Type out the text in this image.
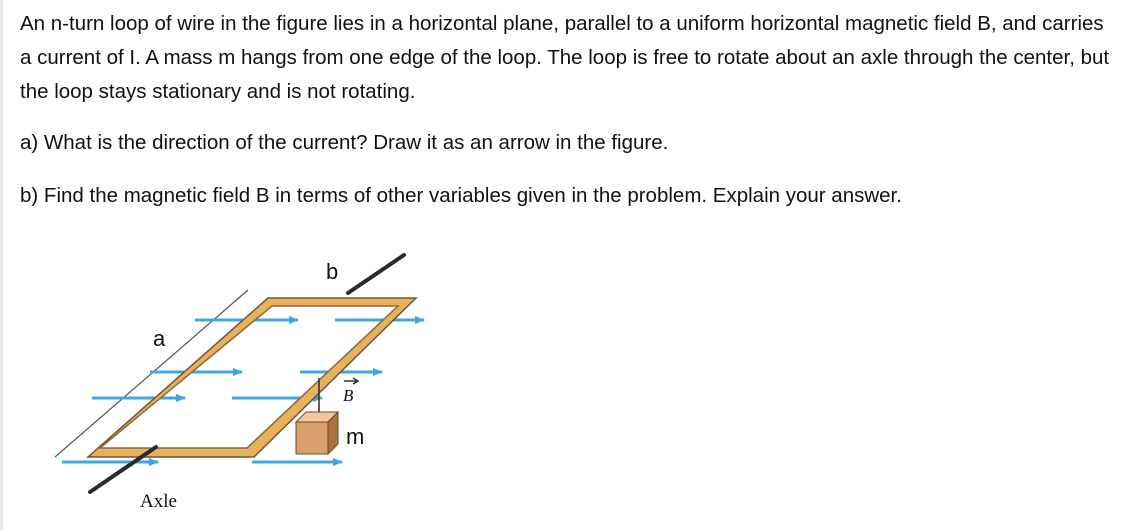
An n-turn loop of wire in the figure lies in a horizontal plane, parallel to a uniform horizontal magnetic field B, and carries a current of I. A mass m hangs from one edge of the loop. The loop is free to rotate about an axle through the center, but the loop stays stationary and is not rotating.

a) What is the direction of the current? Draw it as an arrow in the figure.

b) Find the magnetic field B in terms of other variables given in the problem. Explain your answer.

B
b
a
m
Axle
